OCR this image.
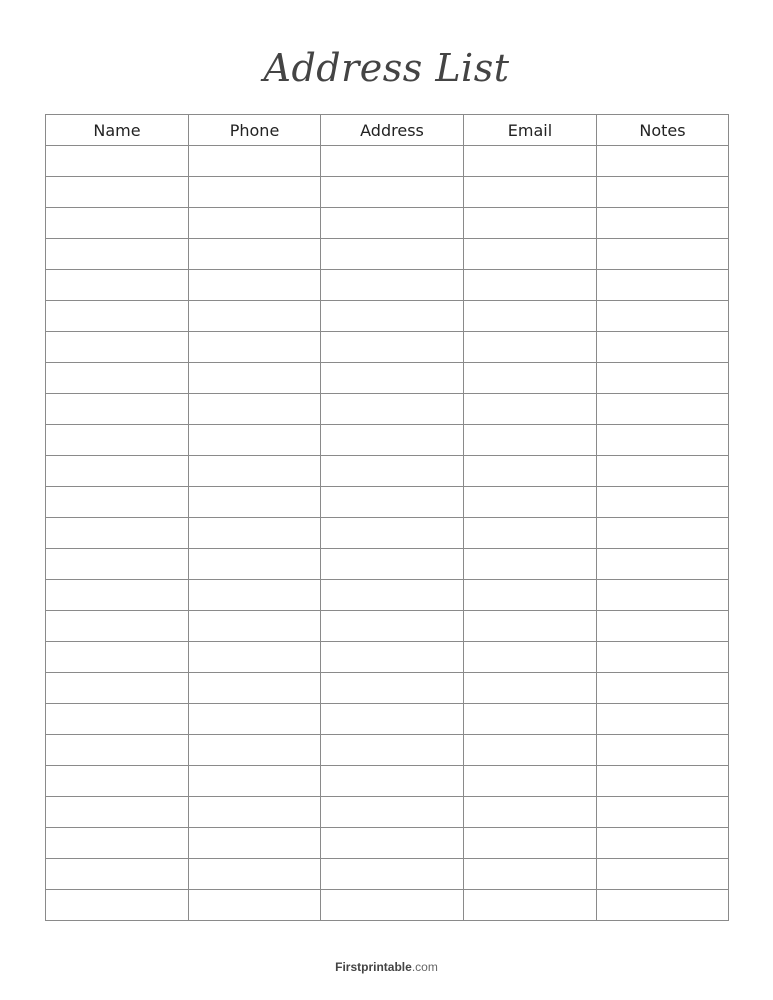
Address List
Name	Phone	Address	Email	Notes

Firstprintable.com
